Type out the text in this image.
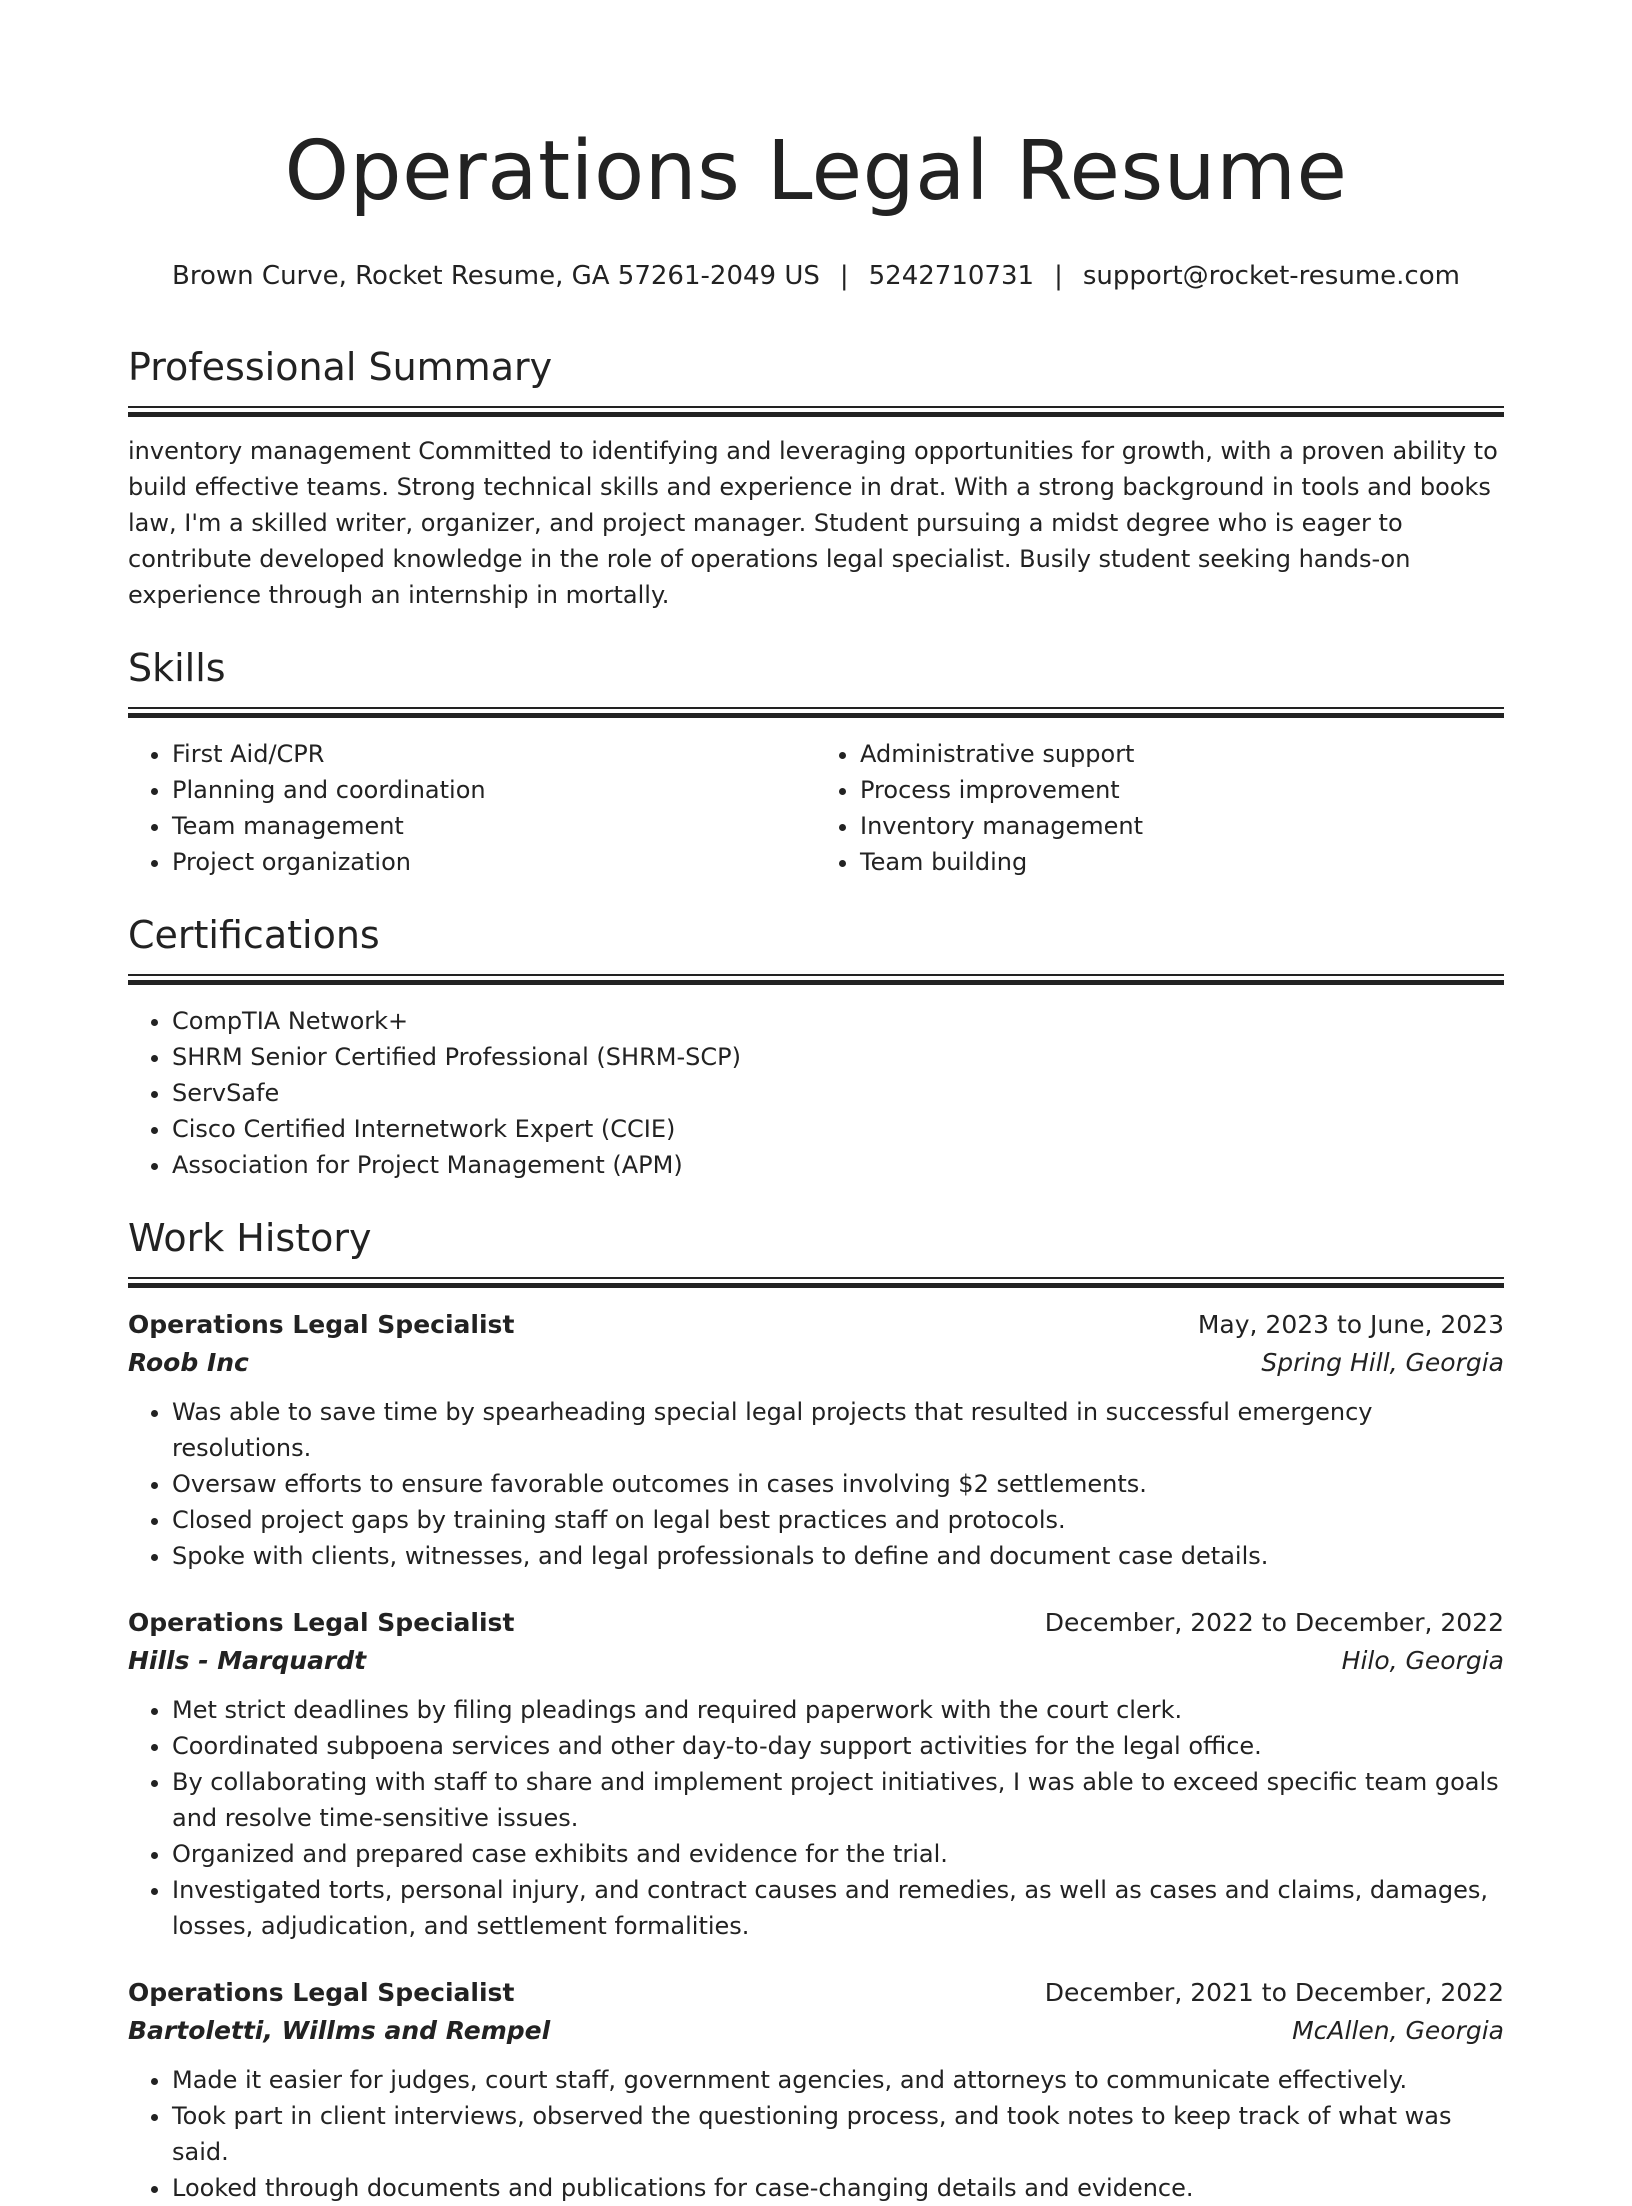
Operations Legal Resume
Brown Curve, Rocket Resume, GA 57261-2049 US | 5242710731 | support@rocket-resume.com
Professional Summary

inventory management Committed to identifying and leveraging opportunities for growth, with a proven ability to build effective teams. Strong technical skills and experience in drat. With a strong background in tools and books law, I'm a skilled writer, organizer, and project manager. Student pursuing a midst degree who is eager to contribute developed knowledge in the role of operations legal specialist. Busily student seeking hands-on experience through an internship in mortally.

Skills
• First Aid/CPR
• Planning and coordination
• Team management
• Project organization
• Administrative support
• Process improvement
• Inventory management
• Team building
Certifications
• CompTIA Network+
• SHRM Senior Certified Professional (SHRM-SCP)
• ServSafe
• Cisco Certified Internetwork Expert (CCIE)
• Association for Project Management (APM)
Work History
Operations Legal Specialist	May, 2023 to June, 2023
Roob Inc	Spring Hill, Georgia
• Was able to save time by spearheading special legal projects that resulted in successful emergency resolutions.
• Oversaw efforts to ensure favorable outcomes in cases involving $2 settlements.
• Closed project gaps by training staff on legal best practices and protocols.
• Spoke with clients, witnesses, and legal professionals to define and document case details.
Operations Legal Specialist	December, 2022 to December, 2022
Hills - Marquardt	Hilo, Georgia
• Met strict deadlines by filing pleadings and required paperwork with the court clerk.
• Coordinated subpoena services and other day-to-day support activities for the legal office.
• By collaborating with staff to share and implement project initiatives, I was able to exceed specific team goals and resolve time-sensitive issues.
• Organized and prepared case exhibits and evidence for the trial.
• Investigated torts, personal injury, and contract causes and remedies, as well as cases and claims, damages, losses, adjudication, and settlement formalities.
Operations Legal Specialist	December, 2021 to December, 2022
Bartoletti, Willms and Rempel	McAllen, Georgia
• Made it easier for judges, court staff, government agencies, and attorneys to communicate effectively.
• Took part in client interviews, observed the questioning process, and took notes to keep track of what was said.
• Looked through documents and publications for case-changing details and evidence.
